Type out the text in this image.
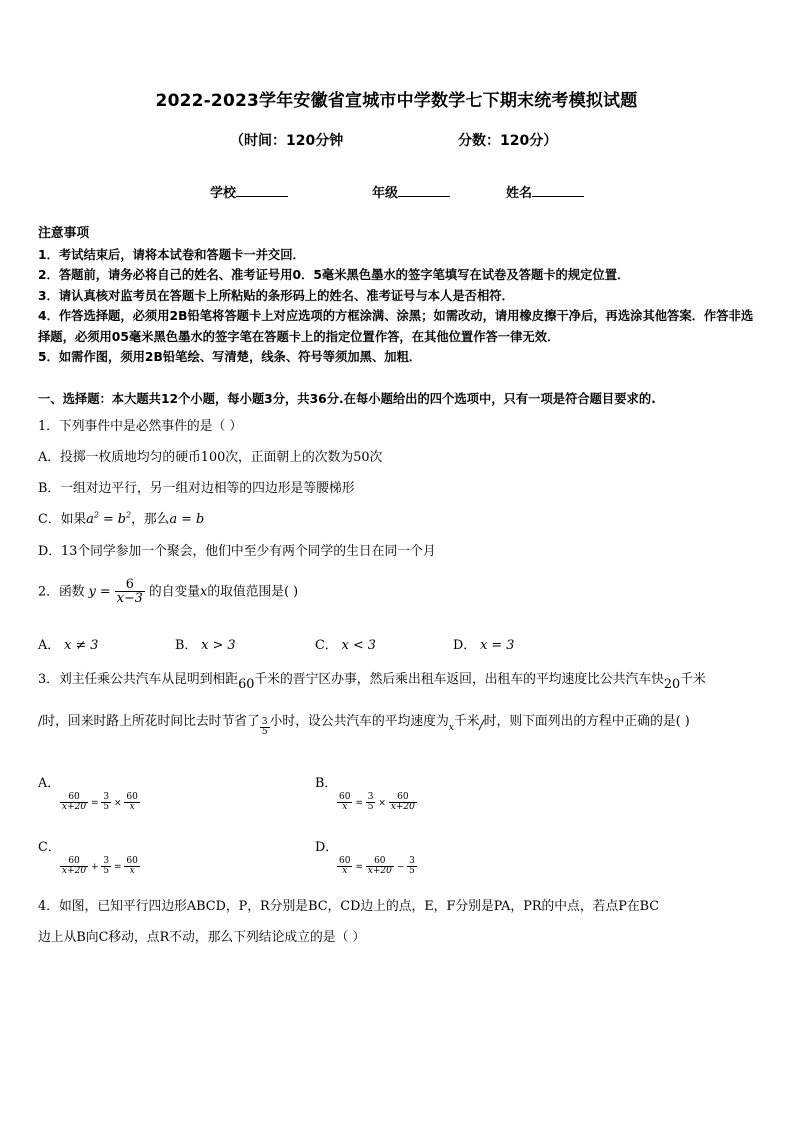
2022-2023学年安徽省宣城市中学数学七下期末统考模拟试题
（时间：120分钟	分数：120分）
学校	年级	姓名
注意事项
1．考试结束后，请将本试卷和答题卡一并交回．
2．答题前，请务必将自己的姓名、准考证号用0．5毫米黑色墨水的签字笔填写在试卷及答题卡的规定位置．
3．请认真核对监考员在答题卡上所粘贴的条形码上的姓名、准考证号与本人是否相符．
4．作答选择题，必须用2B铅笔将答题卡上对应选项的方框涂满、涂黑；如需改动，请用橡皮擦干净后，再选涂其他答案．作答非选择题，必须用05毫米黑色墨水的签字笔在答题卡上的指定位置作答，在其他位置作答一律无效．
5．如需作图，须用2B铅笔绘、写清楚，线条、符号等须加黑、加粗．
一、选择题：本大题共12个小题，每小题3分，共36分.在每小题给出的四个选项中，只有一项是符合题目要求的.
1．下列事件中是必然事件的是（ ）
A．投掷一枚质地均匀的硬币100次，正面朝上的次数为50次
B．一组对边平行，另一组对边相等的四边形是等腰梯形
C．如果$a^2 = b^2$，那么a = b
D．13个同学参加一个聚会，他们中至少有两个同学的生日在同一个月
2．函数 $y = \frac{6}{x-3}$ 的自变量x的取值范围是( )
A． x ≠ 3	B． x > 3	C． x < 3	D． x = 3
3．刘主任乘公共汽车从昆明到相距60千米的晋宁区办事，然后乘出租车返回，出租车的平均速度比公共汽车快20千米
/时，回来时路上所花时间比去时节省了 $\frac{3}{5}$ 小时，设公共汽车的平均速度为$_x$千米/时，则下面列出的方程中正确的是( )
A．

$\frac{60}{x+20} = \frac{3}{5} \times \frac{60}{x}$
B．

$\frac{60}{x} = \frac{3}{5} \times \frac{60}{x+20}$
C．

$\frac{60}{x+20} + \frac{3}{5} = \frac{60}{x}$
D．

$\frac{60}{x} = \frac{60}{x+20} - \frac{3}{5}$
4．如图，已知平行四边形ABCD，P，R分别是BC，CD边上的点，E，F分别是PA，PR的中点，若点P在BC
边上从B向C移动，点R不动，那么下列结论成立的是（ ）
